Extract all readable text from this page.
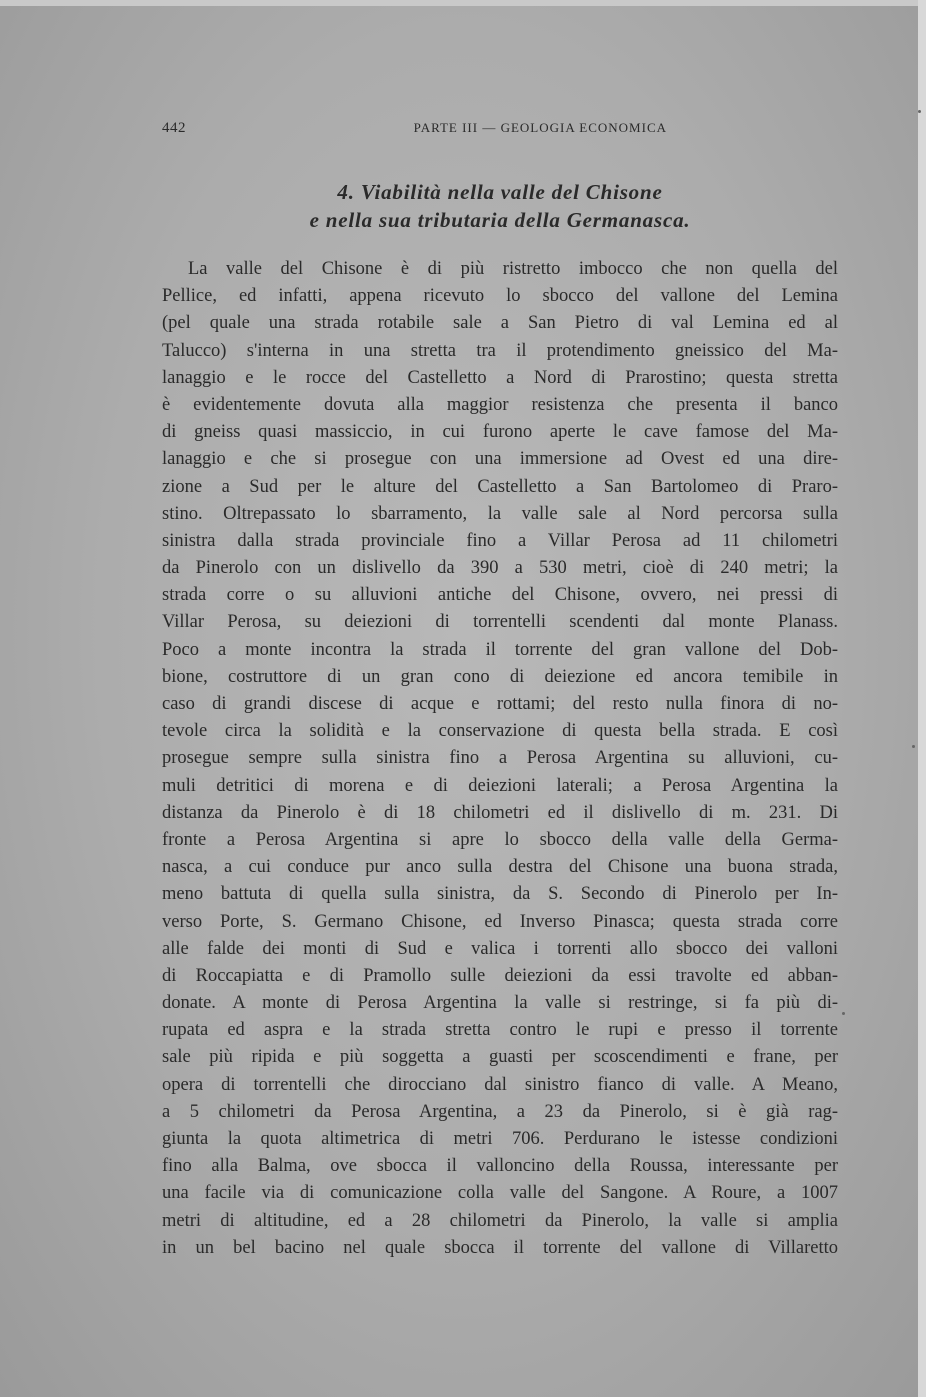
442	PARTE III — GEOLOGIA ECONOMICA
4. Viabilità nella valle del Chisone
e nella sua tributaria della Germanasca.
La valle del Chisone è di più ristretto imbocco che non quella del
Pellice, ed infatti, appena ricevuto lo sbocco del vallone del Lemina
(pel quale una strada rotabile sale a San Pietro di val Lemina ed al
Talucco) s'interna in una stretta tra il protendimento gneissico del Ma-
lanaggio e le rocce del Castelletto a Nord di Prarostino; questa stretta
è evidentemente dovuta alla maggior resistenza che presenta il banco
di gneiss quasi massiccio, in cui furono aperte le cave famose del Ma-
lanaggio e che si prosegue con una immersione ad Ovest ed una dire-
zione a Sud per le alture del Castelletto a San Bartolomeo di Praro-
stino. Oltrepassato lo sbarramento, la valle sale al Nord percorsa sulla
sinistra dalla strada provinciale fino a Villar Perosa ad 11 chilometri
da Pinerolo con un dislivello da 390 a 530 metri, cioè di 240 metri; la
strada corre o su alluvioni antiche del Chisone, ovvero, nei pressi di
Villar Perosa, su deiezioni di torrentelli scendenti dal monte Planass.
Poco a monte incontra la strada il torrente del gran vallone del Dob-
bione, costruttore di un gran cono di deiezione ed ancora temibile in
caso di grandi discese di acque e rottami; del resto nulla finora di no-
tevole circa la solidità e la conservazione di questa bella strada. E così
prosegue sempre sulla sinistra fino a Perosa Argentina su alluvioni, cu-
muli detritici di morena e di deiezioni laterali; a Perosa Argentina la
distanza da Pinerolo è di 18 chilometri ed il dislivello di m. 231. Di
fronte a Perosa Argentina si apre lo sbocco della valle della Germa-
nasca, a cui conduce pur anco sulla destra del Chisone una buona strada,
meno battuta di quella sulla sinistra, da S. Secondo di Pinerolo per In-
verso Porte, S. Germano Chisone, ed Inverso Pinasca; questa strada corre
alle falde dei monti di Sud e valica i torrenti allo sbocco dei valloni
di Roccapiatta e di Pramollo sulle deiezioni da essi travolte ed abban-
donate. A monte di Perosa Argentina la valle si restringe, si fa più di-
rupata ed aspra e la strada stretta contro le rupi e presso il torrente
sale più ripida e più soggetta a guasti per scoscendimenti e frane, per
opera di torrentelli che dirocciano dal sinistro fianco di valle. A Meano,
a 5 chilometri da Perosa Argentina, a 23 da Pinerolo, si è già rag-
giunta la quota altimetrica di metri 706. Perdurano le istesse condizioni
fino alla Balma, ove sbocca il valloncino della Roussa, interessante per
una facile via di comunicazione colla valle del Sangone. A Roure, a 1007
metri di altitudine, ed a 28 chilometri da Pinerolo, la valle si amplia
in un bel bacino nel quale sbocca il torrente del vallone di Villaretto
